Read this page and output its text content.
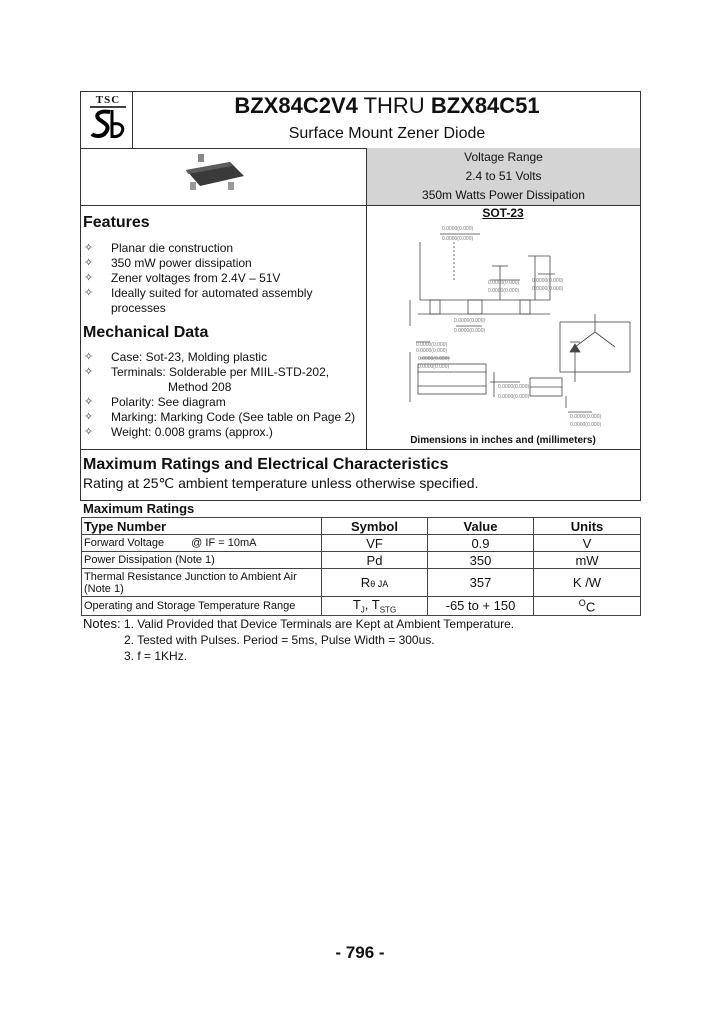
TSC	BZX84C2V4 THRU BZX84C51
Surface Mount Zener Diode
Voltage Range
2.4 to 51 Volts
350m Watts Power Dissipation
Features
✧ Planar die construction
✧ 350 mW power dissipation
✧ Zener voltages from 2.4V – 51V
✧ Ideally suited for automated assembly
processes
Mechanical Data
✧ Case: Sot-23, Molding plastic
✧ Terminals: Solderable per MIIL-STD-202,
Method 208
✧ Polarity: See diagram
✧ Marking: Marking Code (See table on Page 2)
✧ Weight: 0.008 grams (approx.)
SOT-23
0.0000(0.000)
0.0000(0.000)
0.0000(0.000)
0.0000(0.000)
0.0000(0.000)
0.0000(0.000)
0.0000(0.000)
0.0000(0.000)
0.0000(0.000)
0.0000(0.000)
0.0000(0.000)
0.0000(0.000)
0.0000(0.000)
0.0000(0.000)
0.0000(0.000)
0.0000(0.000)
Dimensions in inches and (millimeters)
Maximum Ratings and Electrical Characteristics
Rating at 25℃ ambient temperature unless otherwise specified.
Maximum Ratings
Type Number	Symbol	Value	Units
Forward Voltage @ IF = 10mA	VF	0.9	V
Power Dissipation (Note 1)	Pd	350	mW

Thermal Resistance Junction to Ambient Air
(Note 1)	Rθ JA	357	K /W
Operating and Storage Temperature Range	$T_J$, $T_{STG}$	-65 to + 150	$^O$C
Notes: 1. Valid Provided that Device Terminals are Kept at Ambient Temperature.
2. Tested with Pulses. Period = 5ms, Pulse Width = 300us.
3. f = 1KHz.
- 796 -
